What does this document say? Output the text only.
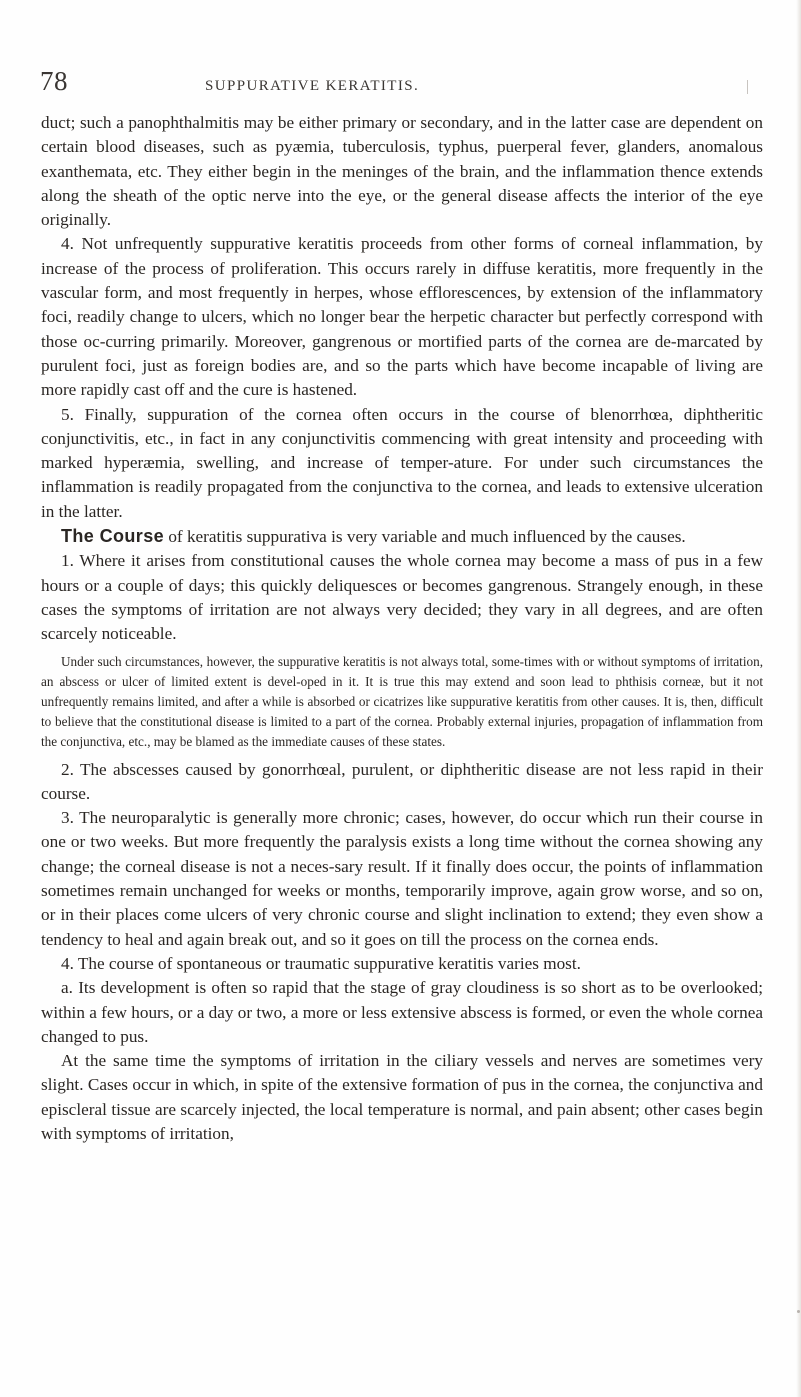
78	SUPPURATIVE KERATITIS.

duct; such a panophthalmitis may be either primary or secondary, and in the latter case are dependent on certain blood diseases, such as pyæmia, tuberculosis, typhus, puerperal fever, glanders, anomalous exanthemata, etc. They either begin in the meninges of the brain, and the inflammation thence extends along the sheath of the optic nerve into the eye, or the general disease affects the interior of the eye originally.

4. Not unfrequently suppurative keratitis proceeds from other forms of corneal inflammation, by increase of the process of proliferation. This occurs rarely in diffuse keratitis, more frequently in the vascular form, and most frequently in herpes, whose efflorescences, by extension of the inflammatory foci, readily change to ulcers, which no longer bear the herpetic character but perfectly correspond with those oc-curring primarily. Moreover, gangrenous or mortified parts of the cornea are de-marcated by purulent foci, just as foreign bodies are, and so the parts which have become incapable of living are more rapidly cast off and the cure is hastened.

5. Finally, suppuration of the cornea often occurs in the course of blenorrhœa, diphtheritic conjunctivitis, etc., in fact in any conjunctivitis commencing with great intensity and proceeding with marked hyperæmia, swelling, and increase of temper-ature. For under such circumstances the inflammation is readily propagated from the conjunctiva to the cornea, and leads to extensive ulceration in the latter.

The Course of keratitis suppurativa is very variable and much influenced by the causes.

1. Where it arises from constitutional causes the whole cornea may become a mass of pus in a few hours or a couple of days; this quickly deliquesces or becomes gangrenous. Strangely enough, in these cases the symptoms of irritation are not always very decided; they vary in all degrees, and are often scarcely noticeable.

Under such circumstances, however, the suppurative keratitis is not always total, some-times with or without symptoms of irritation, an abscess or ulcer of limited extent is devel-oped in it. It is true this may extend and soon lead to phthisis corneæ, but it not unfrequently remains limited, and after a while is absorbed or cicatrizes like suppurative keratitis from other causes. It is, then, difficult to believe that the constitutional disease is limited to a part of the cornea. Probably external injuries, propagation of inflammation from the conjunctiva, etc., may be blamed as the immediate causes of these states.

2. The abscesses caused by gonorrhœal, purulent, or diphtheritic disease are not less rapid in their course.

3. The neuroparalytic is generally more chronic; cases, however, do occur which run their course in one or two weeks. But more frequently the paralysis exists a long time without the cornea showing any change; the corneal disease is not a neces-sary result. If it finally does occur, the points of inflammation sometimes remain unchanged for weeks or months, temporarily improve, again grow worse, and so on, or in their places come ulcers of very chronic course and slight inclination to extend; they even show a tendency to heal and again break out, and so it goes on till the process on the cornea ends.

4. The course of spontaneous or traumatic suppurative keratitis varies most.

a. Its development is often so rapid that the stage of gray cloudiness is so short as to be overlooked; within a few hours, or a day or two, a more or less extensive abscess is formed, or even the whole cornea changed to pus.

At the same time the symptoms of irritation in the ciliary vessels and nerves are sometimes very slight. Cases occur in which, in spite of the extensive formation of pus in the cornea, the conjunctiva and episcleral tissue are scarcely injected, the local temperature is normal, and pain absent; other cases begin with symptoms of irritation,
